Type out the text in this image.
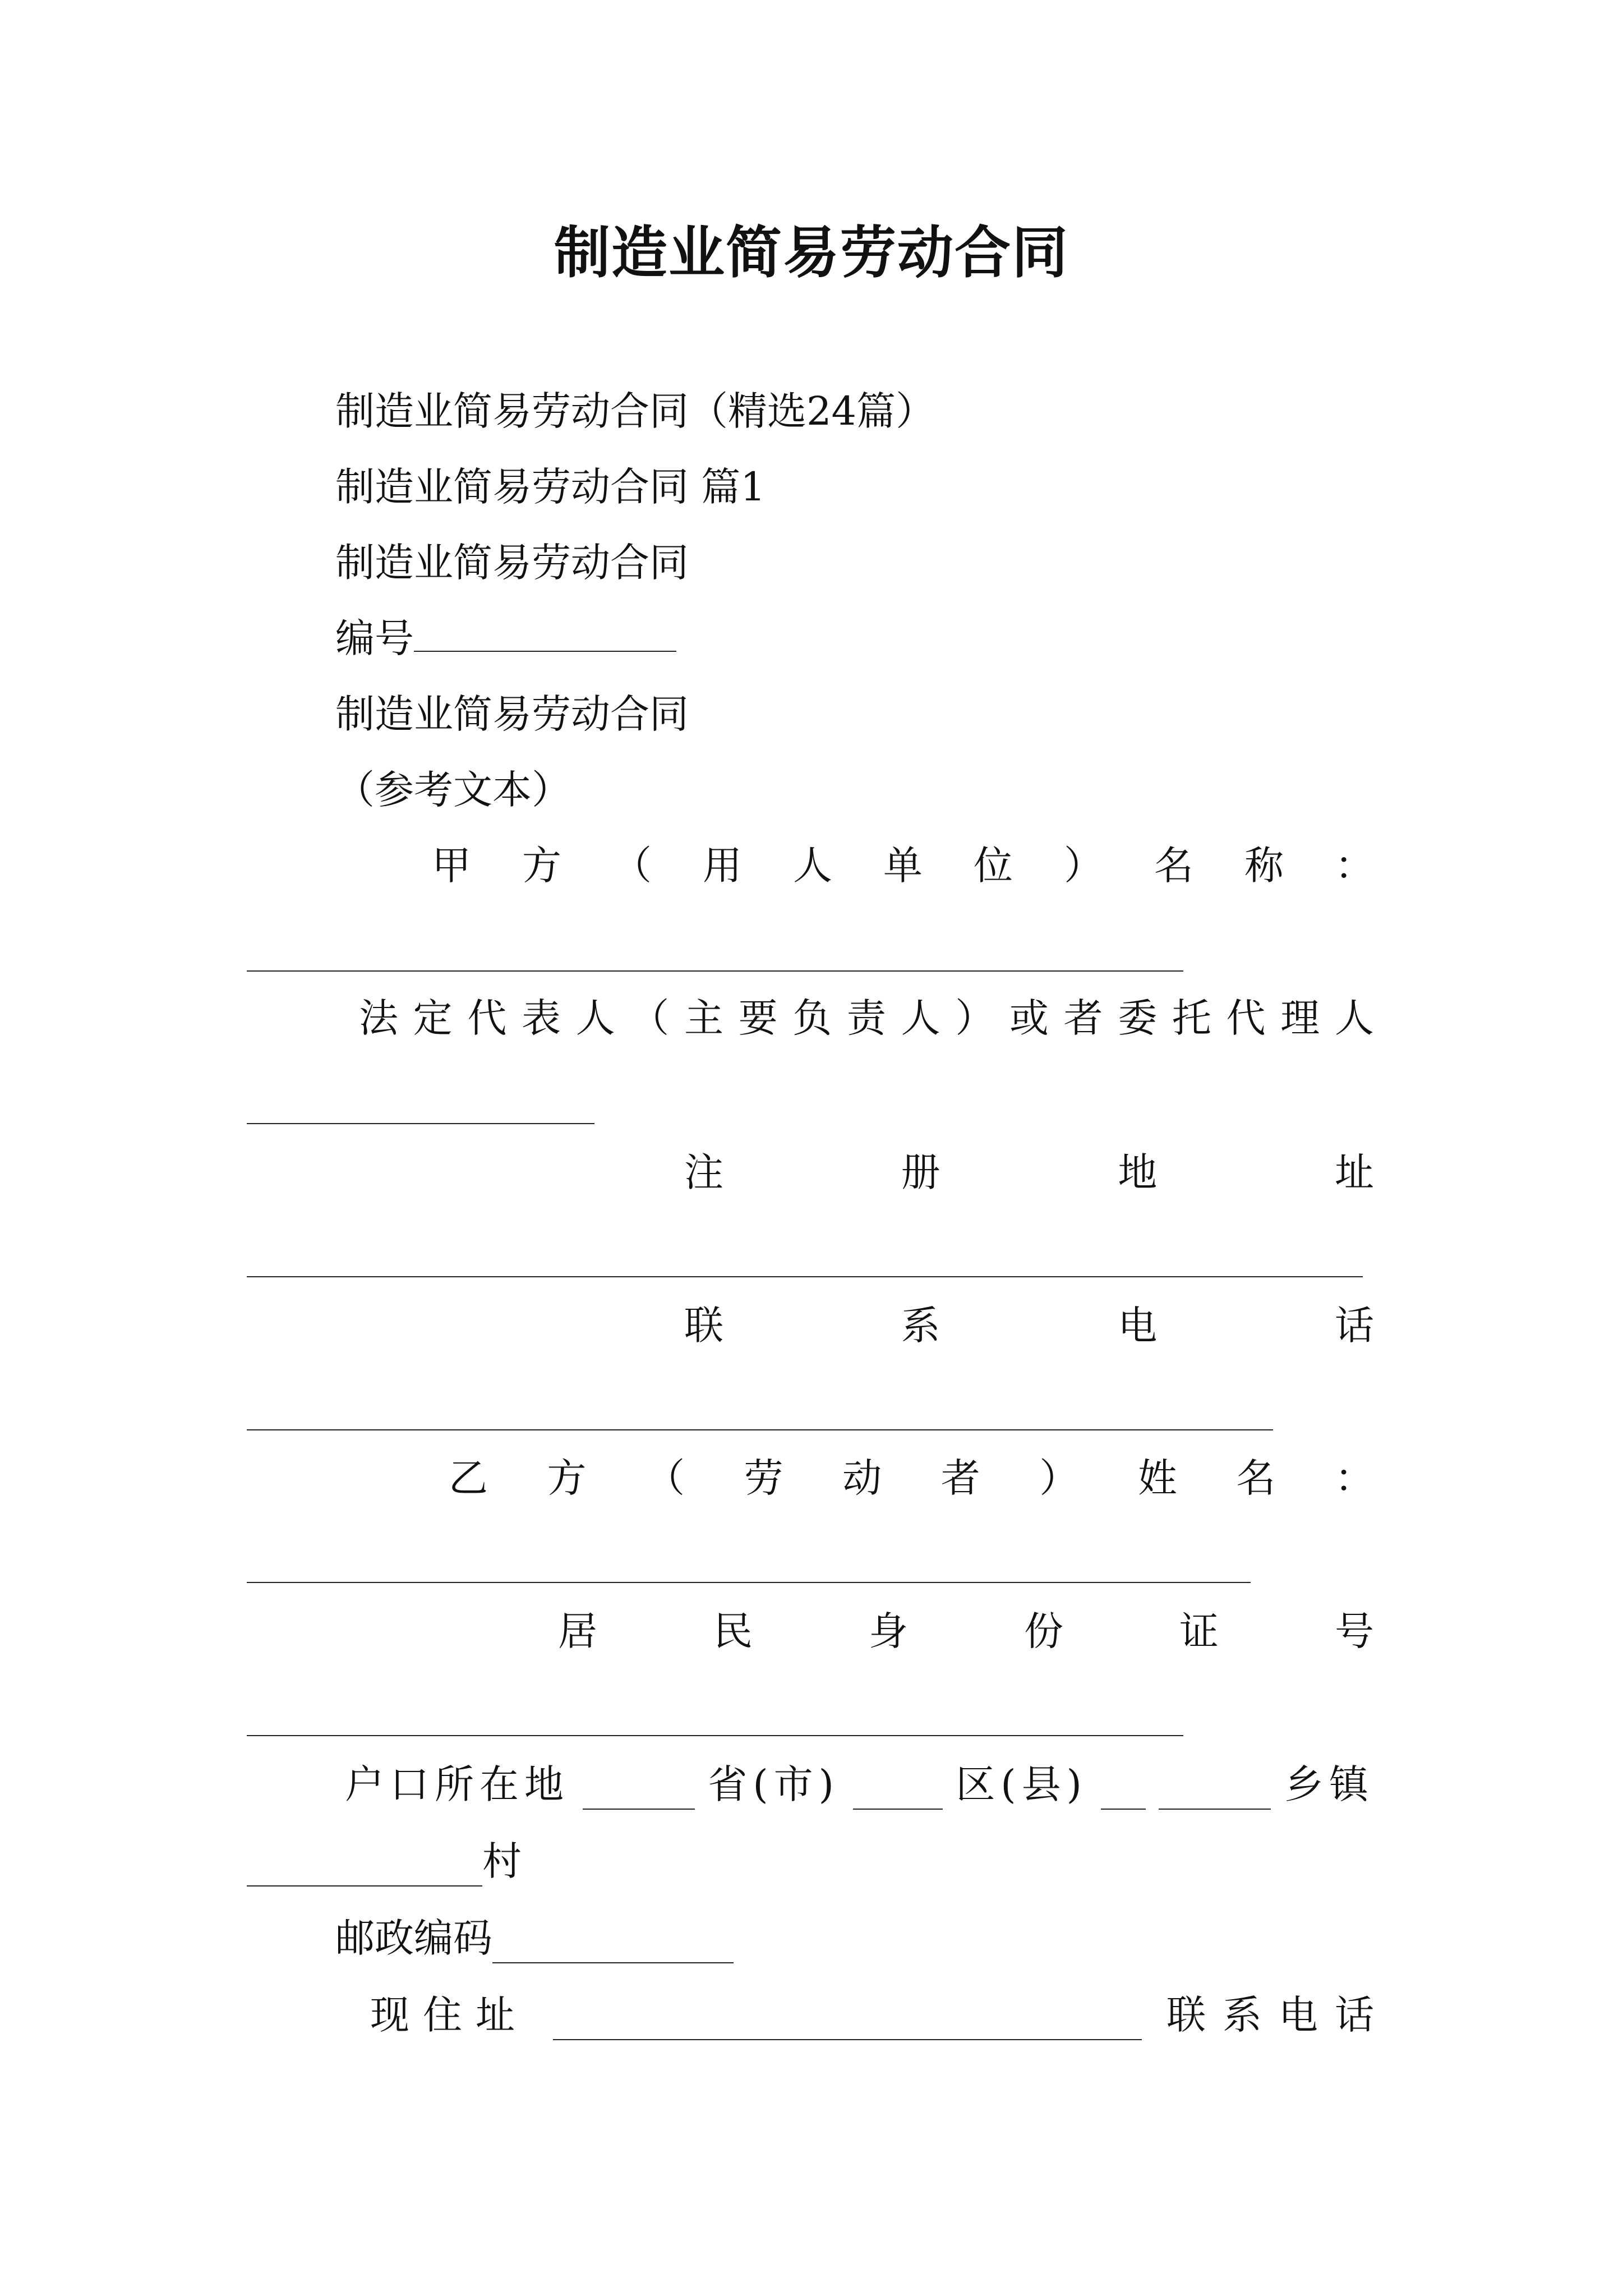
制造业简易劳动合同
制造业简易劳动合同（精选24篇）
制造业简易劳动合同 篇1
制造业简易劳动合同
编号
制造业简易劳动合同
（参考文本）
甲 方 （ 用 人 单 位 ） 名 称 ：
法 定 代 表 人 （ 主 要 负 责 人 ） 或 者 委 托 代 理 人
注	册	地	址
联	系	电	话
乙 方 （ 劳 动 者 ） 姓 名 ：
居	民	身	份	证	号
户口所在地	省(市)	区(县)	乡镇
村
邮政编码
现住址	联系电话
